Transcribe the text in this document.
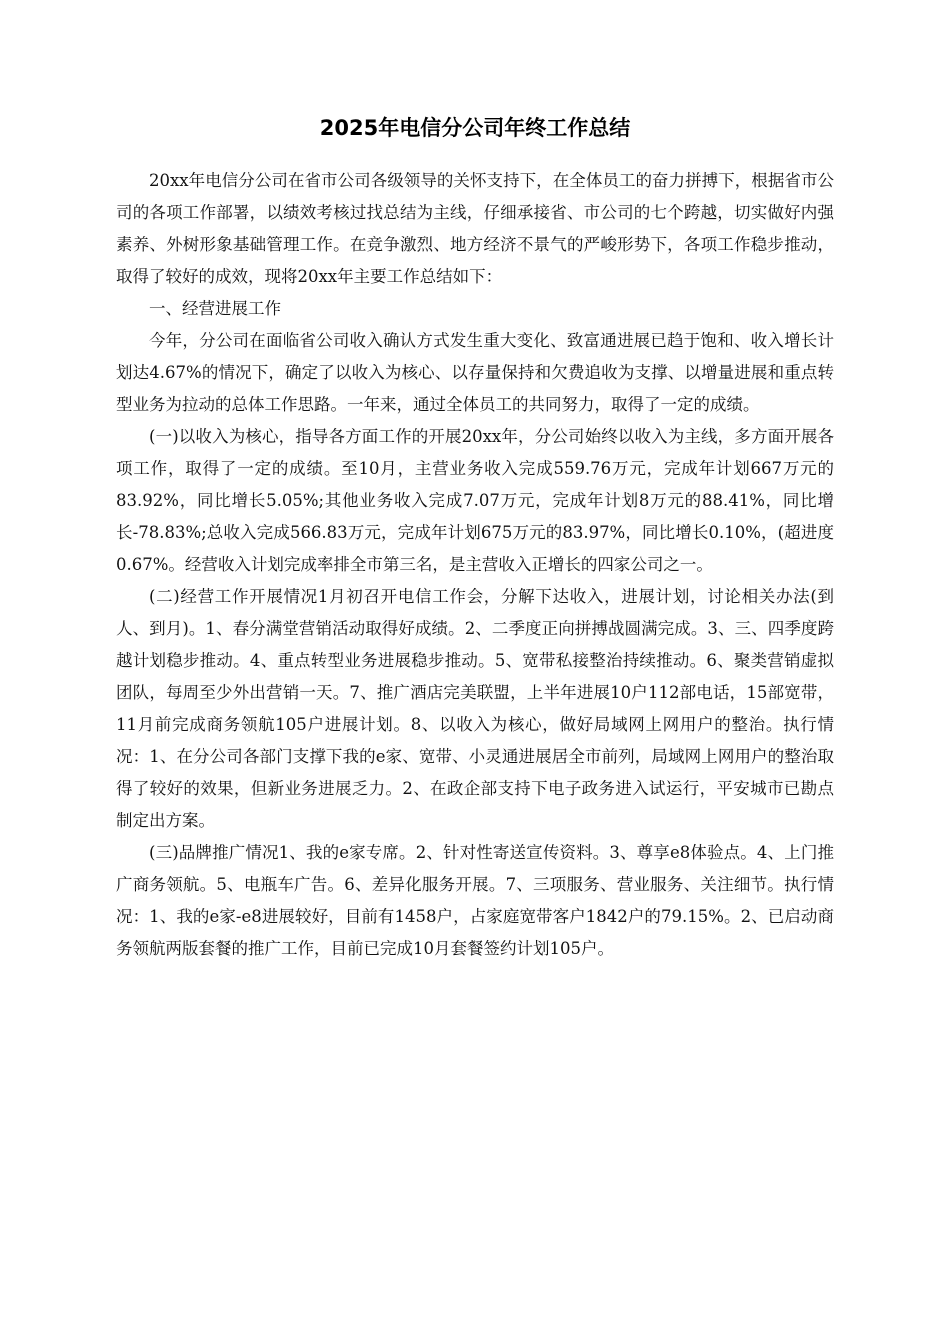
2025年电信分公司年终工作总结

20xx年电信分公司在省市公司各级领导的关怀支持下，在全体员工的奋力拼搏下，根据省市公司的各项工作部署，以绩效考核过找总结为主线，仔细承接省、市公司的七个跨越，切实做好内强素养、外树形象基础管理工作。在竞争激烈、地方经济不景气的严峻形势下，各项工作稳步推动，取得了较好的成效，现将20xx年主要工作总结如下：

一、经营进展工作

今年，分公司在面临省公司收入确认方式发生重大变化、致富通进展已趋于饱和、收入增长计划达4.67%的情况下，确定了以收入为核心、以存量保持和欠费追收为支撑、以增量进展和重点转型业务为拉动的总体工作思路。一年来，通过全体员工的共同努力，取得了一定的成绩。

(一)以收入为核心，指导各方面工作的开展20xx年，分公司始终以收入为主线，多方面开展各项工作，取得了一定的成绩。至10月，主营业务收入完成559.76万元，完成年计划667万元的83.92%，同比增长5.05%;其他业务收入完成7.07万元，完成年计划8万元的88.41%，同比增长-78.83%;总收入完成566.83万元，完成年计划675万元的83.97%，同比增长0.10%，(超进度0.67%。经营收入计划完成率排全市第三名，是主营收入正增长的四家公司之一。

(二)经营工作开展情况1月初召开电信工作会，分解下达收入，进展计划，讨论相关办法(到人、到月)。1、春分满堂营销活动取得好成绩。2、二季度正向拼搏战圆满完成。3、三、四季度跨越计划稳步推动。4、重点转型业务进展稳步推动。5、宽带私接整治持续推动。6、聚类营销虚拟团队，每周至少外出营销一天。7、推广酒店完美联盟，上半年进展10户112部电话，15部宽带，11月前完成商务领航105户进展计划。8、以收入为核心，做好局域网上网用户的整治。执行情况：1、在分公司各部门支撑下我的e家、宽带、小灵通进展居全市前列，局域网上网用户的整治取得了较好的效果，但新业务进展乏力。2、在政企部支持下电子政务进入试运行，平安城市已勘点制定出方案。

(三)品牌推广情况1、我的e家专席。2、针对性寄送宣传资料。3、尊享e8体验点。4、上门推广商务领航。5、电瓶车广告。6、差异化服务开展。7、三项服务、营业服务、关注细节。执行情况：1、我的e家-e8进展较好，目前有1458户，占家庭宽带客户1842户的79.15%。2、已启动商务领航两版套餐的推广工作，目前已完成10月套餐签约计划105户。
